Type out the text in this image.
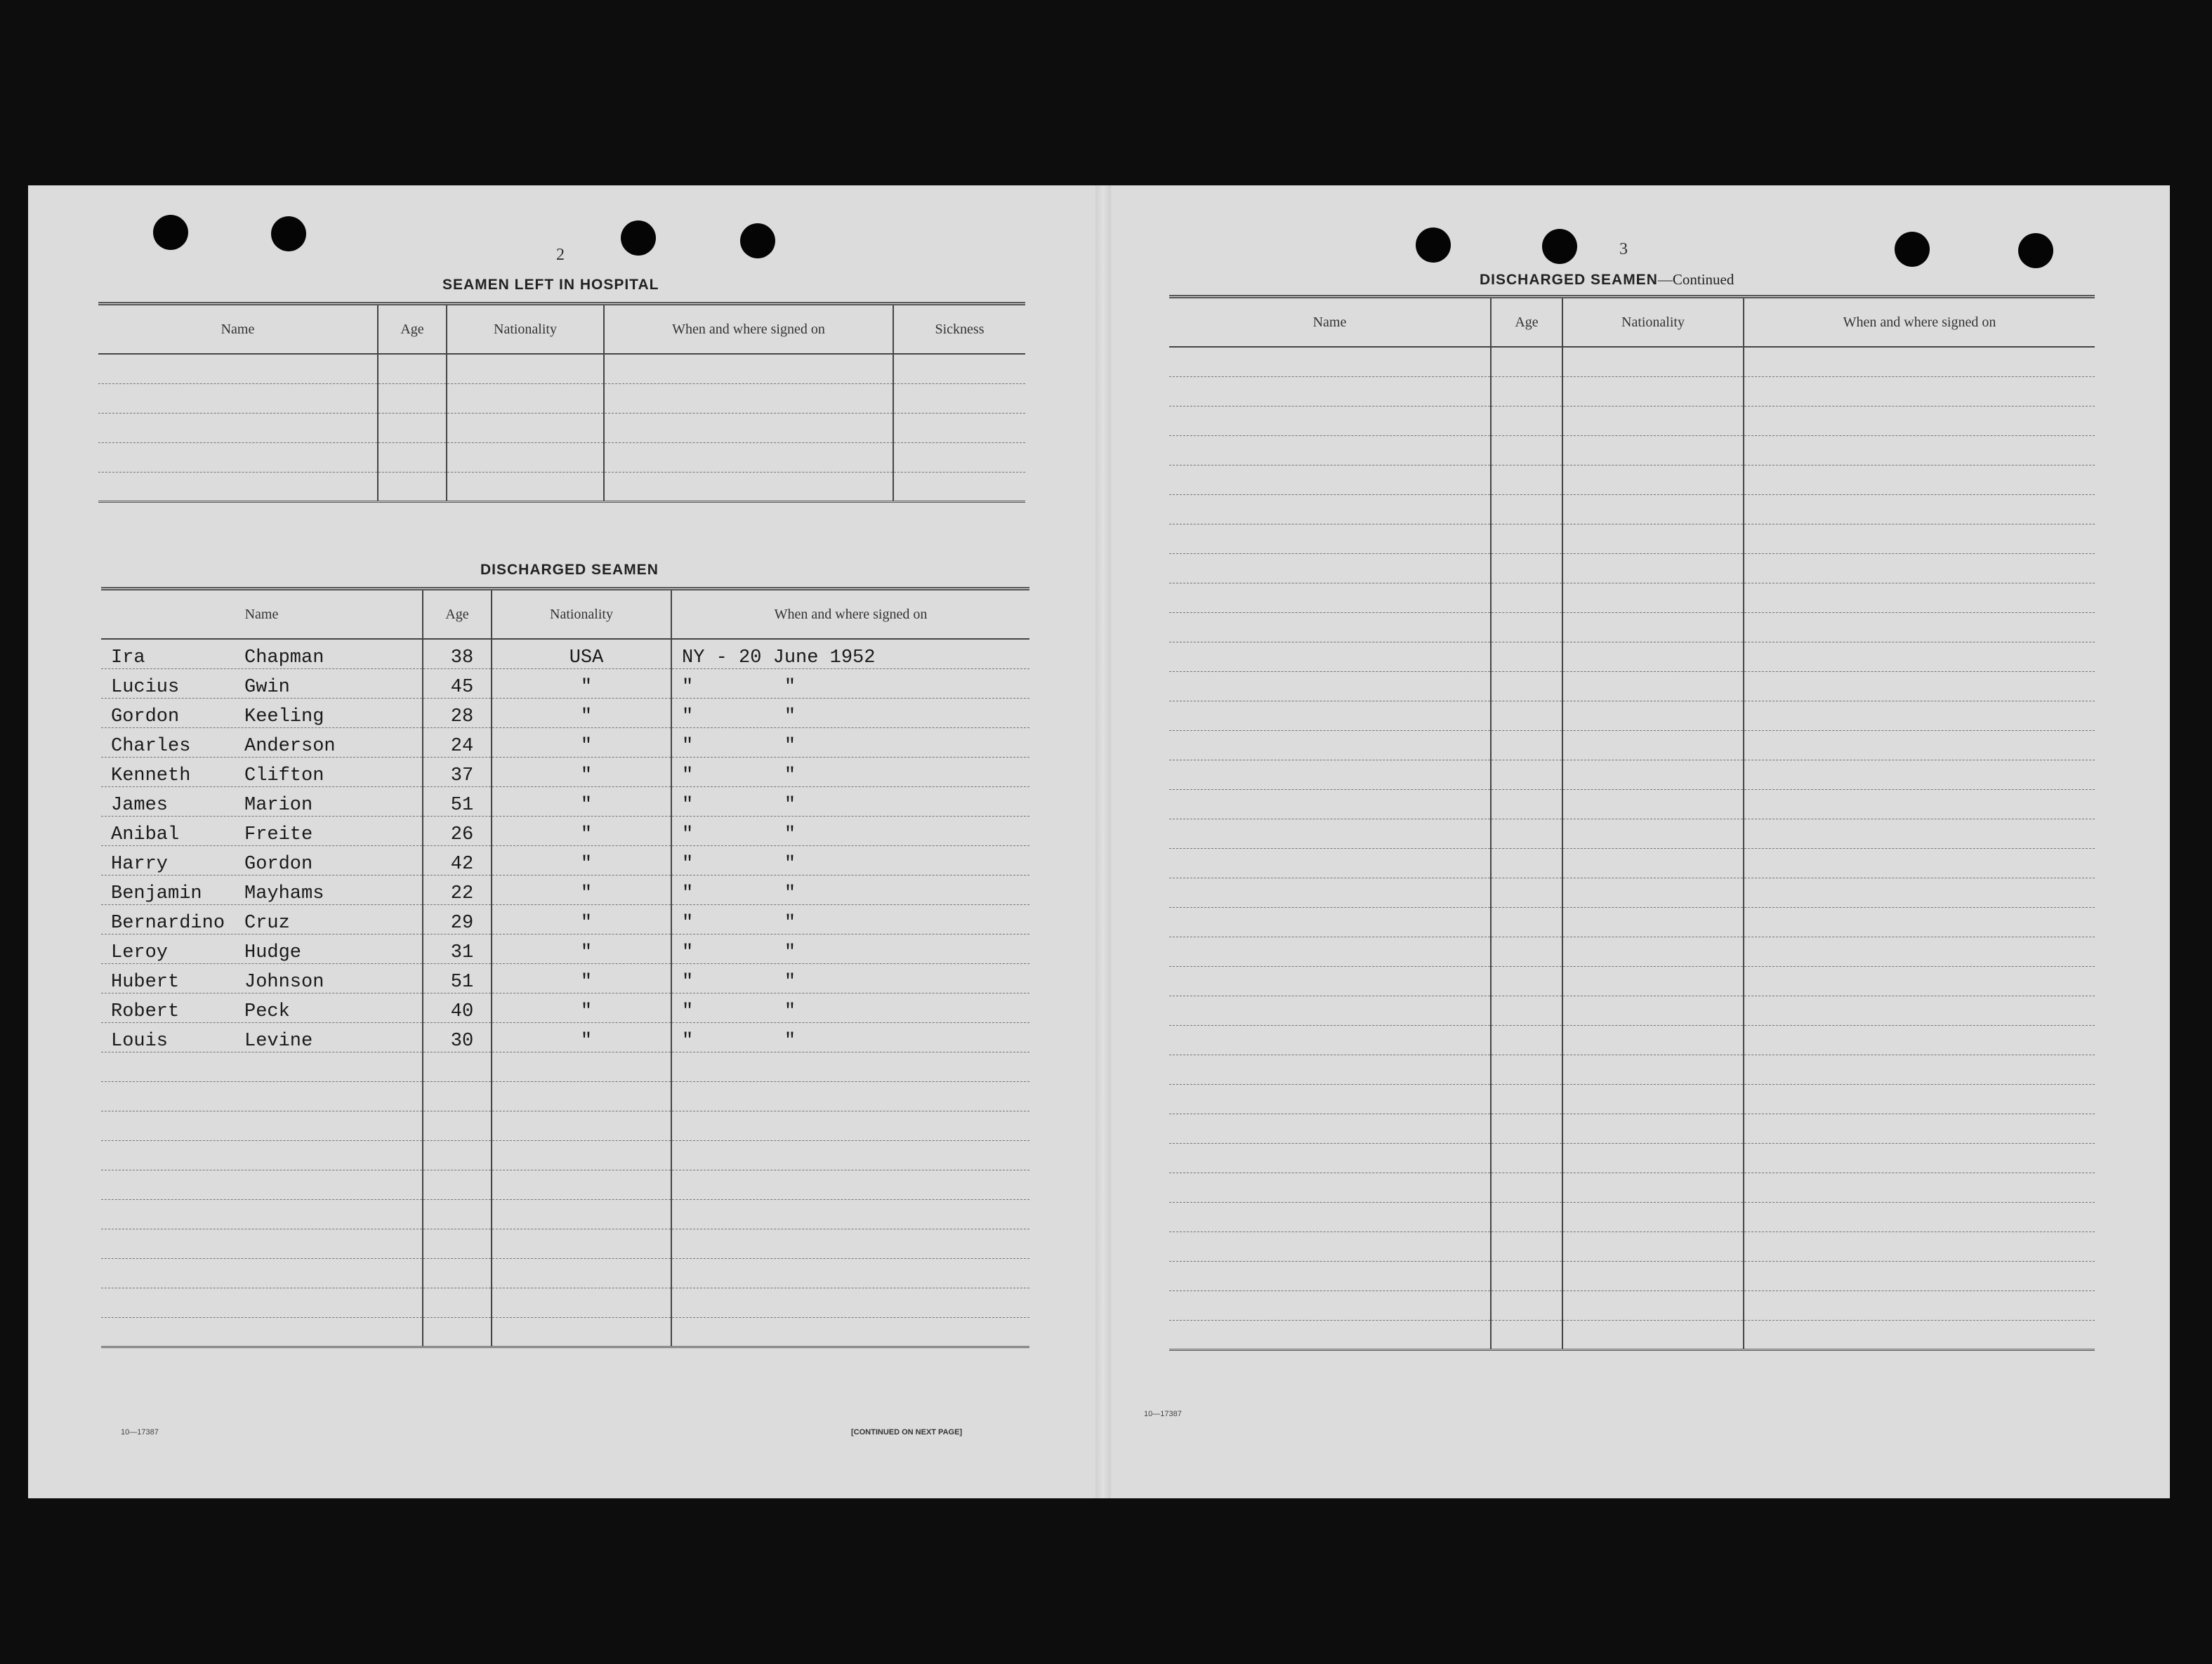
2
SEAMEN LEFT IN HOSPITAL
Name	Age	Nationality	When and where signed on	Sickness

DISCHARGED SEAMEN
Name	Age	Nationality	When and where signed on
Ira Chapman	38	USA	NY - 20 June 1952
Lucius Gwin	45	"	"        "
Gordon Keeling	28	"	"        "
Charles Anderson	24	"	"        "
Kenneth Clifton	37	"	"        "
James Marion	51	"	"        "
Anibal Freite	26	"	"        "
Harry Gordon	42	"	"        "
Benjamin Mayhams	22	"	"        "
Bernardino Cruz	29	"	"        "
Leroy Hudge	31	"	"        "
Hubert Johnson	51	"	"        "
Robert Peck	40	"	"        "
Louis Levine	30	"	"        "

10—17387	[CONTINUED ON NEXT PAGE]
3
DISCHARGED SEAMEN—Continued
Name	Age	Nationality	When and where signed on

10—17387
